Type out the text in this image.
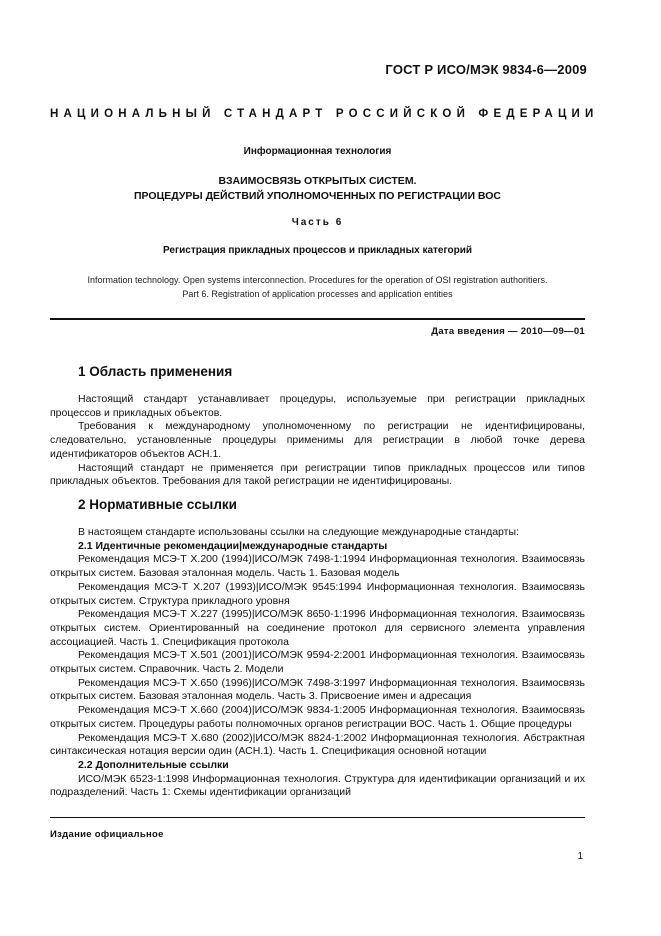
ГОСТ Р ИСО/МЭК 9834-6—2009
НАЦИОНАЛЬНЫЙ СТАНДАРТ РОССИЙСКОЙ ФЕДЕРАЦИИ
Информационная технология
ВЗАИМОСВЯЗЬ ОТКРЫТЫХ СИСТЕМ.
ПРОЦЕДУРЫ ДЕЙСТВИЙ УПОЛНОМОЧЕННЫХ ПО РЕГИСТРАЦИИ ВОС
Часть 6
Регистрация прикладных процессов и прикладных категорий
Information technology. Open systems interconnection. Procedures for the operation of OSI registration authoritiers.
Part 6. Registration of application processes and application entities
Дата введения — 2010—09—01
1 Область применения

Настоящий стандарт устанавливает процедуры, используемые при регистрации прикладных процессов и прикладных объектов.

Требования к международному уполномоченному по регистрации не идентифицированы, следовательно, установленные процедуры применимы для регистрации в любой точке дерева идентификаторов объектов АСН.1.

Настоящий стандарт не применяется при регистрации типов прикладных процессов или типов прикладных объектов. Требования для такой регистрации не идентифицированы.

2 Нормативные ссылки

В настоящем стандарте использованы ссылки на следующие международные стандарты:

2.1 Идентичные рекомендации|международные стандарты

Рекомендация МСЭ-Т Х.200 (1994)|ИСО/МЭК 7498-1:1994 Информационная технология. Взаимосвязь открытых систем. Базовая эталонная модель. Часть 1. Базовая модель

Рекомендация МСЭ-Т Х.207 (1993)|ИСО/МЭК 9545:1994 Информационная технология. Взаимосвязь открытых систем. Структура прикладного уровня

Рекомендация МСЭ-Т Х.227 (1995)|ИСО/МЭК 8650-1:1996 Информационная технология. Взаимосвязь открытых систем. Ориентированный на соединение протокол для сервисного элемента управления ассоциацией. Часть 1. Спецификация протокола

Рекомендация МСЭ-Т Х.501 (2001)|ИСО/МЭК 9594-2:2001 Информационная технология. Взаимосвязь открытых систем. Справочник. Часть 2. Модели

Рекомендация МСЭ-Т Х.650 (1996)|ИСО/МЭК 7498-3:1997 Информационная технология. Взаимосвязь открытых систем. Базовая эталонная модель. Часть 3. Присвоение имен и адресация

Рекомендация МСЭ-Т Х.660 (2004)|ИСО/МЭК 9834-1:2005 Информационная технология. Взаимосвязь открытых систем. Процедуры работы полномочных органов регистрации ВОС. Часть 1. Общие процедуры

Рекомендация МСЭ-Т Х.680 (2002)|ИСО/МЭК 8824-1:2002 Информационная технология. Абстрактная синтаксическая нотация версии один (АСН.1). Часть 1. Спецификация основной нотации

2.2 Дополнительные ссылки

ИСО/МЭК 6523-1:1998 Информационная технология. Структура для идентификации организаций и их подразделений. Часть 1: Схемы идентификации организаций

Издание официальное
1
